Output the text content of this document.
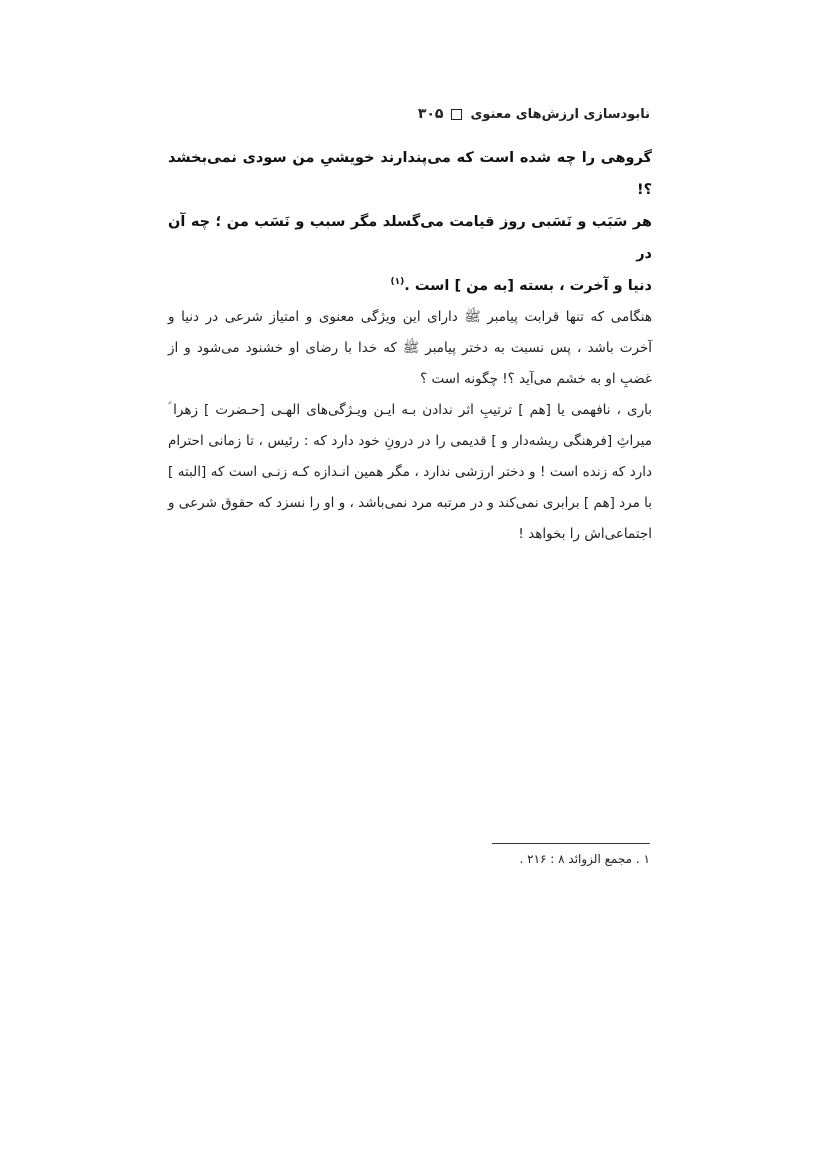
نابودسازی ارزش‌های معنوی
۳۰۵

گروهی را چه شده است که می‌پندارند خویشیِ من سودی نمی‌بخشد ؟!
هر سَبَب و نَسَبی روز قیامت می‌گسلد مگر سبب و نَسَب من ؛ چه آن در
دنیا و آخرت ، بسته [به من ] است .$^{(۱)}$

هنگامی که تنها قرابت پیامبر ﷺ دارای این ویژگی معنوی و امتیاز شرعی در دنیا و آخرت باشد ، پس نسبت به دختر پیامبر ﷺ که خدا با رضای او خشنود می‌شود و از غضبِ او به خشم می‌آید ؟! چگونه است ؟

باری ، نافهمی یا [هم ] ترتیبِ اثر ندادن بـه ایـن ویـژگی‌های الهـی [حـضرت ] زهرا ؑ میراثِ [فرهنگی ریشه‌دار و ] قدیمی را در درونِ خود دارد که : رئیس ، تا زمانی احترام دارد که زنده است ! و دختر ارزشی ندارد ، مگر همین انـدازه کـه زنـی است که [البته ] با مرد [هم ] برابری نمی‌کند و در مرتبه مرد نمی‌باشد ، و او را نسزد که حقوق شرعی و اجتماعی‌اش را بخواهد !

۱ . مجمع الزوائد ۸ : ۲۱۶ .
